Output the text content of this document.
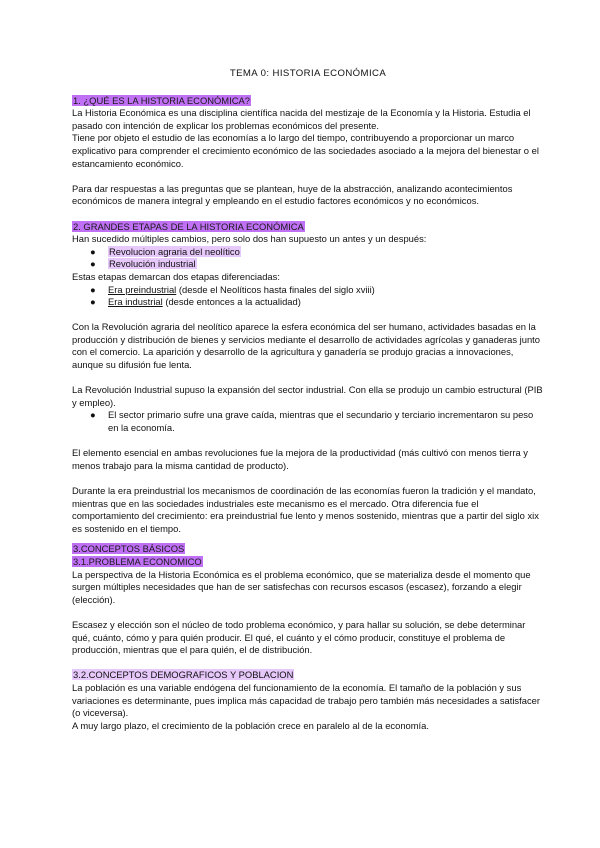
TEMA 0: HISTORIA ECONÓMICA
1. ¿QUÉ ES LA HISTORIA ECONÓMICA?
La Historia Económica es una disciplina científica nacida del mestizaje de la Economía y la Historia. Estudia el pasado con intención de explicar los problemas económicos del presente.
Tiene por objeto el estudio de las economías a lo largo del tiempo, contribuyendo a proporcionar un marco explicativo para comprender el crecimiento económico de las sociedades asociado a la mejora del bienestar o el estancamiento económico.
Para dar respuestas a las preguntas que se plantean, huye de la abstracción, analizando acontecimientos económicos de manera integral y empleando en el estudio factores económicos y no económicos.
2. GRANDES ETAPAS DE LA HISTORIA ECONÓMICA
Han sucedido múltiples cambios, pero solo dos han supuesto un antes y un después:
● Revolucion agraria del neolítico
● Revolución industrial
Estas etapas demarcan dos etapas diferenciadas:
● Era preindustrial (desde el Neolíticos hasta finales del siglo xviii)
● Era industrial (desde entonces a la actualidad)
Con la Revolución agraria del neolítico aparece la esfera económica del ser humano, actividades basadas en la producción y distribución de bienes y servicios mediante el desarrollo de actividades agrícolas y ganaderas junto con el comercio. La aparición y desarrollo de la agricultura y ganadería se produjo gracias a innovaciones, aunque su difusión fue lenta.
La Revolución Industrial supuso la expansión del sector industrial. Con ella se produjo un cambio estructural (PIB y empleo).
● El sector primario sufre una grave caída, mientras que el secundario y terciario incrementaron su peso en la economía.
El elemento esencial en ambas revoluciones fue la mejora de la productividad (más cultivó con menos tierra y menos trabajo para la misma cantidad de producto).
Durante la era preindustrial los mecanismos de coordinación de las economías fueron la tradición y el mandato, mientras que en las sociedades industriales este mecanismo es el mercado. Otra diferencia fue el comportamiento del crecimiento: era preindustrial fue lento y menos sostenido, mientras que a partir del siglo xix es sostenido en el tiempo.
3.CONCEPTOS BÁSICOS
3.1.PROBLEMA ECONOMICO
La perspectiva de la Historia Económica es el problema económico, que se materializa desde el momento que surgen múltiples necesidades que han de ser satisfechas con recursos escasos (escasez), forzando a elegir (elección).
Escasez y elección son el núcleo de todo problema económico, y para hallar su solución, se debe determinar qué, cuánto, cómo y para quién producir. El qué, el cuánto y el cómo producir, constituye el problema de producción, mientras que el para quién, el de distribución.
3.2.CONCEPTOS DEMOGRAFICOS Y POBLACION
La población es una variable endógena del funcionamiento de la economía. El tamaño de la población y sus variaciones es determinante, pues implica más capacidad de trabajo pero también más necesidades a satisfacer (o viceversa).
A muy largo plazo, el crecimiento de la población crece en paralelo al de la economía.
